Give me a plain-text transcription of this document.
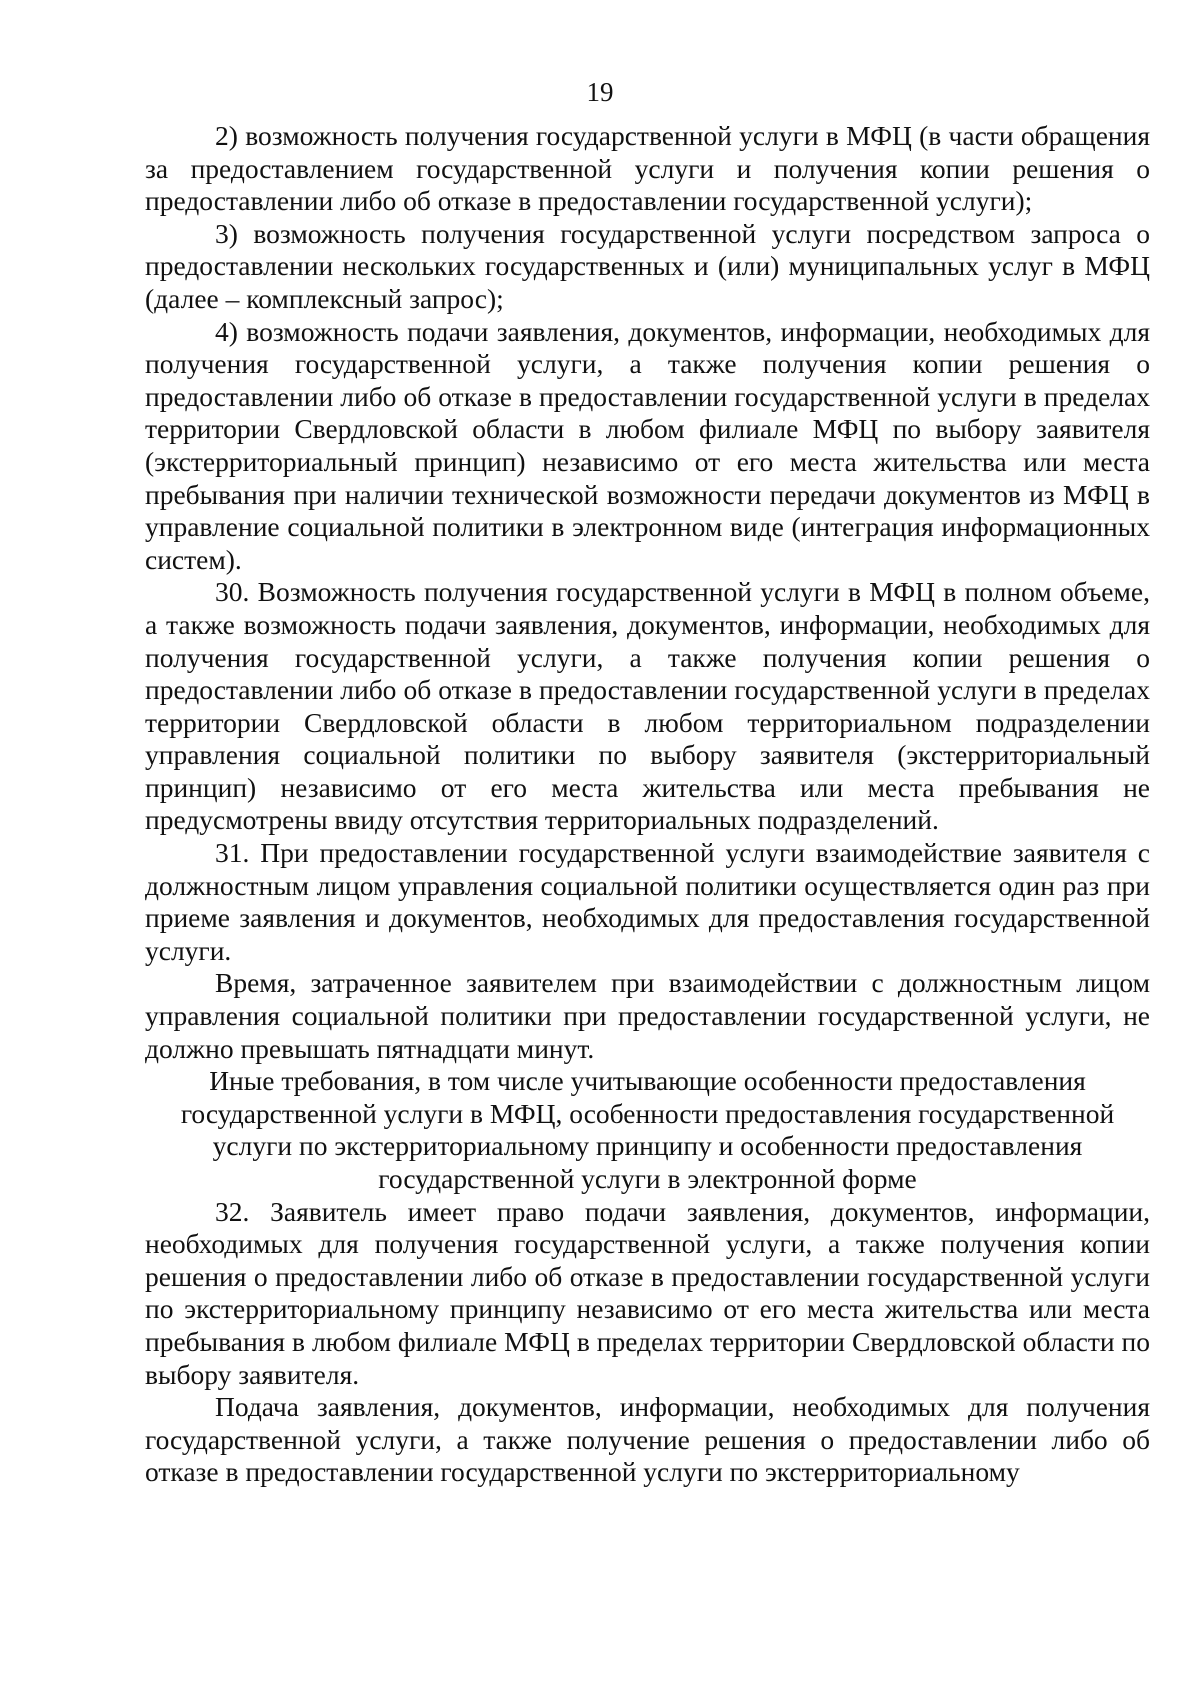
19

2) возможность получения государственной услуги в МФЦ (в части обращения за предоставлением государственной услуги и получения копии решения о предоставлении либо об отказе в предоставлении государственной услуги);

3) возможность получения государственной услуги посредством запроса о предоставлении нескольких государственных и (или) муниципальных услуг в МФЦ (далее – комплексный запрос);

4) возможность подачи заявления, документов, информации, необходимых для получения государственной услуги, а также получения копии решения о предоставлении либо об отказе в предоставлении государственной услуги в пределах территории Свердловской области в любом филиале МФЦ по выбору заявителя (экстерриториальный принцип) независимо от его места жительства или места пребывания при наличии технической возможности передачи документов из МФЦ в управление социальной политики в электронном виде (интеграция информационных систем).

30. Возможность получения государственной услуги в МФЦ в полном объеме, а также возможность подачи заявления, документов, информации, необходимых для получения государственной услуги, а также получения копии решения о предоставлении либо об отказе в предоставлении государственной услуги в пределах территории Свердловской области в любом территориальном подразделении управления социальной политики по выбору заявителя (экстерриториальный принцип) независимо от его места жительства или места пребывания не предусмотрены ввиду отсутствия территориальных подразделений.

31. При предоставлении государственной услуги взаимодействие заявителя с должностным лицом управления социальной политики осуществляется один раз при приеме заявления и документов, необходимых для предоставления государственной услуги.

Время, затраченное заявителем при взаимодействии с должностным лицом управления социальной политики при предоставлении государственной услуги, не должно превышать пятнадцати минут.

Иные требования, в том числе учитывающие особенности предоставления государственной услуги в МФЦ, особенности предоставления государственной услуги по экстерриториальному принципу и особенности предоставления государственной услуги в электронной форме

32. Заявитель имеет право подачи заявления, документов, информации, необходимых для получения государственной услуги, а также получения копии решения о предоставлении либо об отказе в предоставлении государственной услуги по экстерриториальному принципу независимо от его места жительства или места пребывания в любом филиале МФЦ в пределах территории Свердловской области по выбору заявителя.

Подача заявления, документов, информации, необходимых для получения государственной услуги, а также получение решения о предоставлении либо об отказе в предоставлении государственной услуги по экстерриториальному
